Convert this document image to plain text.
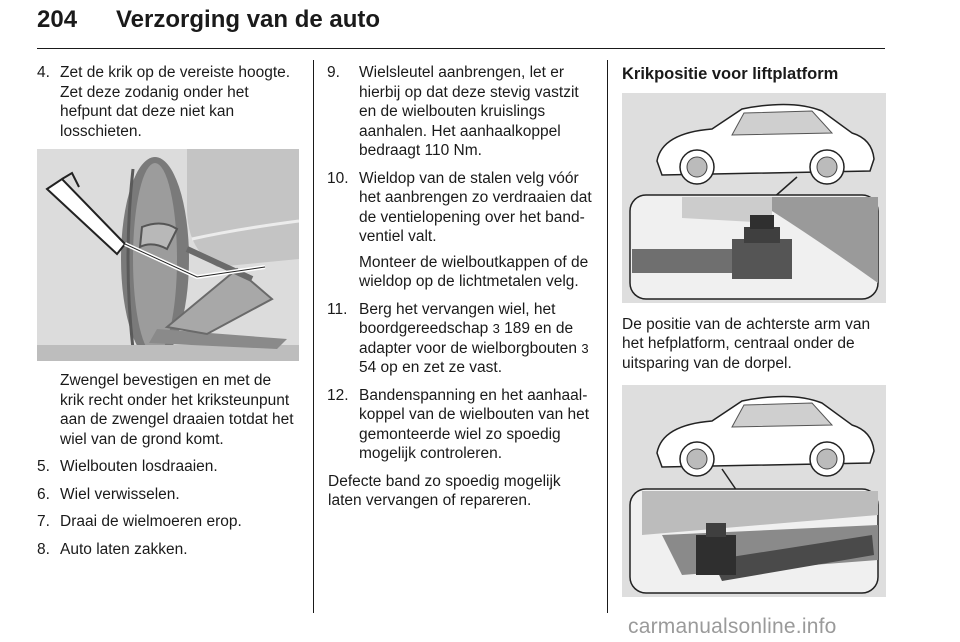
204 Verzorging van de auto
4. Zet de krik op de vereiste hoogte. Zet deze zodanig onder het hefpunt dat deze niet kan losschieten.

Zwengel bevestigen en met de krik recht onder het kriksteunpunt aan de zwengel draaien totdat het wiel van de grond komt.

5. Wielbouten losdraaien.

6. Wiel verwisselen.

7. Draai de wielmoeren erop.

8. Auto laten zakken.

9. Wielsleutel aanbrengen, let er hierbij op dat deze stevig vastzit en de wielbouten kruislings aanhalen. Het aanhaalkoppel bedraagt 110 Nm.

10. Wieldop van de stalen velg vóór het aanbrengen zo verdraaien dat de ventielopening over het band-ventiel valt.

Monteer de wielboutkappen of de wieldop op de lichtmetalen velg.

11. Berg het vervangen wiel, het boordgereedschap 3 189 en de adapter voor de wielborgbouten 3 54 op en zet ze vast.

12. Bandenspanning en het aanhaal-koppel van de wielbouten van het gemonteerde wiel zo spoedig mogelijk controleren.

Defecte band zo spoedig mogelijk laten vervangen of repareren.

Krikpositie voor liftplatform

De positie van de achterste arm van het hefplatform, centraal onder de uitsparing van de dorpel.

carmanualsonline.info
